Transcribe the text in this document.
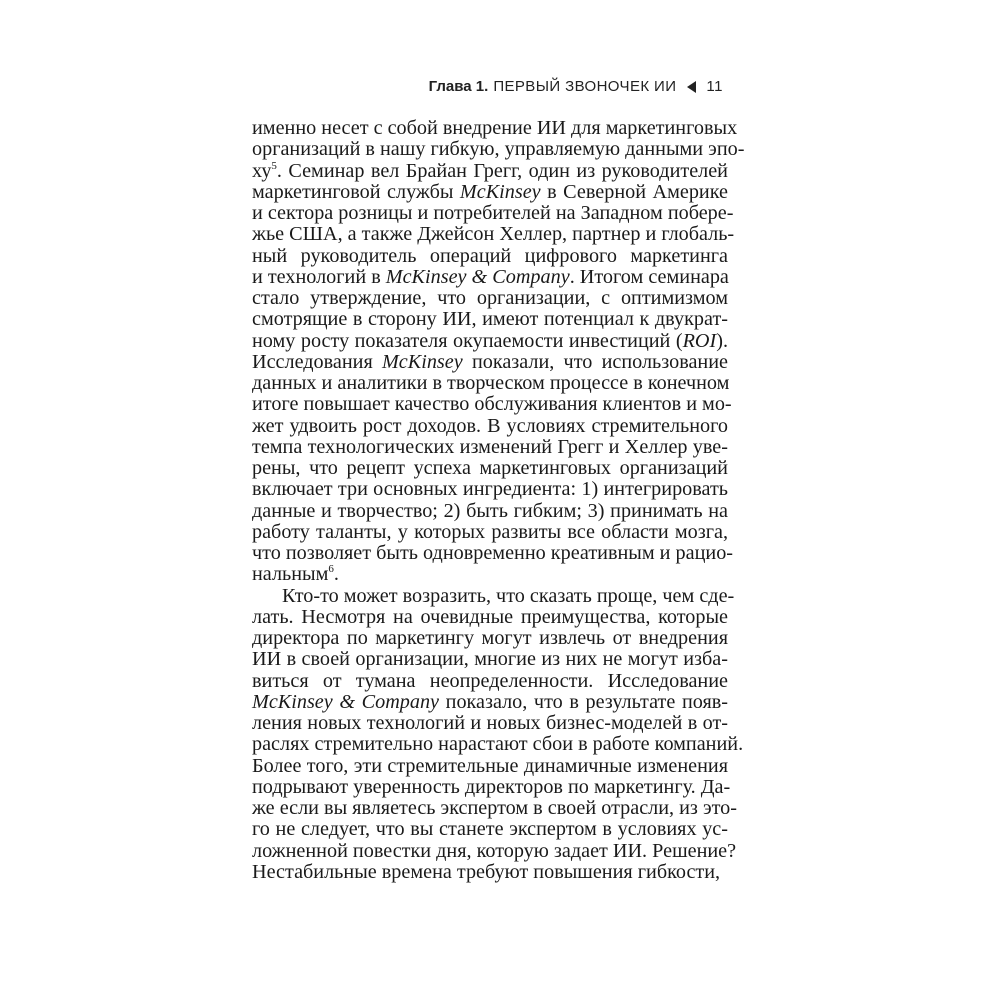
Глава 1. ПЕРВЫЙ ЗВОНОЧЕК ИИ 11
именно несет с собой внедрение ИИ для маркетинговых
организаций в нашу гибкую, управляемую данными эпо-
$ху^5$. Семинар вел Брайан Грегг, один из руководителей
маркетинговой службы McKinsey в Северной Америке
и сектора розницы и потребителей на Западном побере-
жье США, а также Джейсон Хеллер, партнер и глобаль-
ный руководитель операций цифрового маркетинга
и технологий в McKinsey & Company. Итогом семинара
стало утверждение, что организации, с оптимизмом
смотрящие в сторону ИИ, имеют потенциал к двукрат-
ному росту показателя окупаемости инвестиций (ROI).
Исследования McKinsey показали, что использование
данных и аналитики в творческом процессе в конечном
итоге повышает качество обслуживания клиентов и мо-
жет удвоить рост доходов. В условиях стремительного
темпа технологических изменений Грегг и Хеллер уве-
рены, что рецепт успеха маркетинговых организаций
включает три основных ингредиента: 1) интегрировать
данные и творчество; 2) быть гибким; 3) принимать на
работу таланты, у которых развиты все области мозга,
что позволяет быть одновременно креативным и рацио-
нальным$^6$.
Кто-то может возразить, что сказать проще, чем сде-
лать. Несмотря на очевидные преимущества, которые
директора по маркетингу могут извлечь от внедрения
ИИ в своей организации, многие из них не могут изба-
виться от тумана неопределенности. Исследование
McKinsey & Company показало, что в результате появ-
ления новых технологий и новых бизнес-моделей в от-
раслях стремительно нарастают сбои в работе компаний.
Более того, эти стремительные динамичные изменения
подрывают уверенность директоров по маркетингу. Да-
же если вы являетесь экспертом в своей отрасли, из это-
го не следует, что вы станете экспертом в условиях ус-
ложненной повестки дня, которую задает ИИ. Решение?
Нестабильные времена требуют повышения гибкости,
